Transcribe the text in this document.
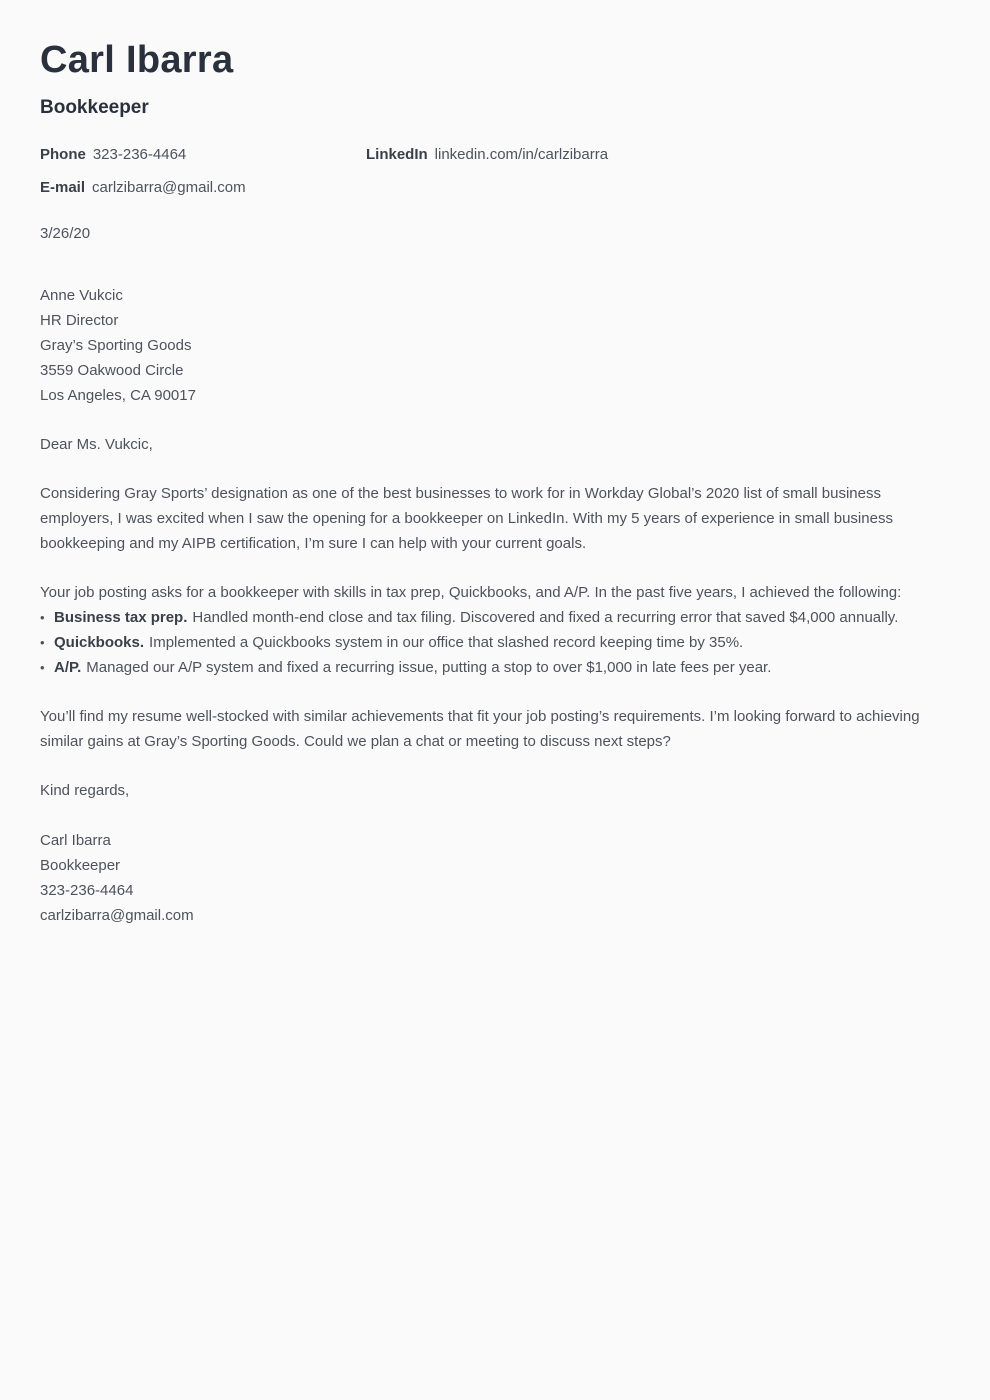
Carl Ibarra
Bookkeeper
Phone 323-236-4464	LinkedIn linkedin.com/in/carlzibarra
E-mail carlzibarra@gmail.com
3/26/20
Anne Vukcic
HR Director
Gray’s Sporting Goods
3559 Oakwood Circle
Los Angeles, CA 90017

Dear Ms. Vukcic,

Considering Gray Sports’ designation as one of the best businesses to work for in Workday Global’s 2020 list of small business employers, I was excited when I saw the opening for a bookkeeper on LinkedIn. With my 5 years of experience in small business bookkeeping and my AIPB certification, I’m sure I can help with your current goals.

Your job posting asks for a bookkeeper with skills in tax prep, Quickbooks, and A/P. In the past five years, I achieved the following:

• Business tax prep. Handled month-end close and tax filing. Discovered and fixed a recurring error that saved $4,000 annually.
• Quickbooks. Implemented a Quickbooks system in our office that slashed record keeping time by 35%.
• A/P. Managed our A/P system and fixed a recurring issue, putting a stop to over $1,000 in late fees per year.

You’ll find my resume well-stocked with similar achievements that fit your job posting’s requirements. I’m looking forward to achieving similar gains at Gray’s Sporting Goods. Could we plan a chat or meeting to discuss next steps?

Kind regards,

Carl Ibarra
Bookkeeper
323-236-4464
carlzibarra@gmail.com
